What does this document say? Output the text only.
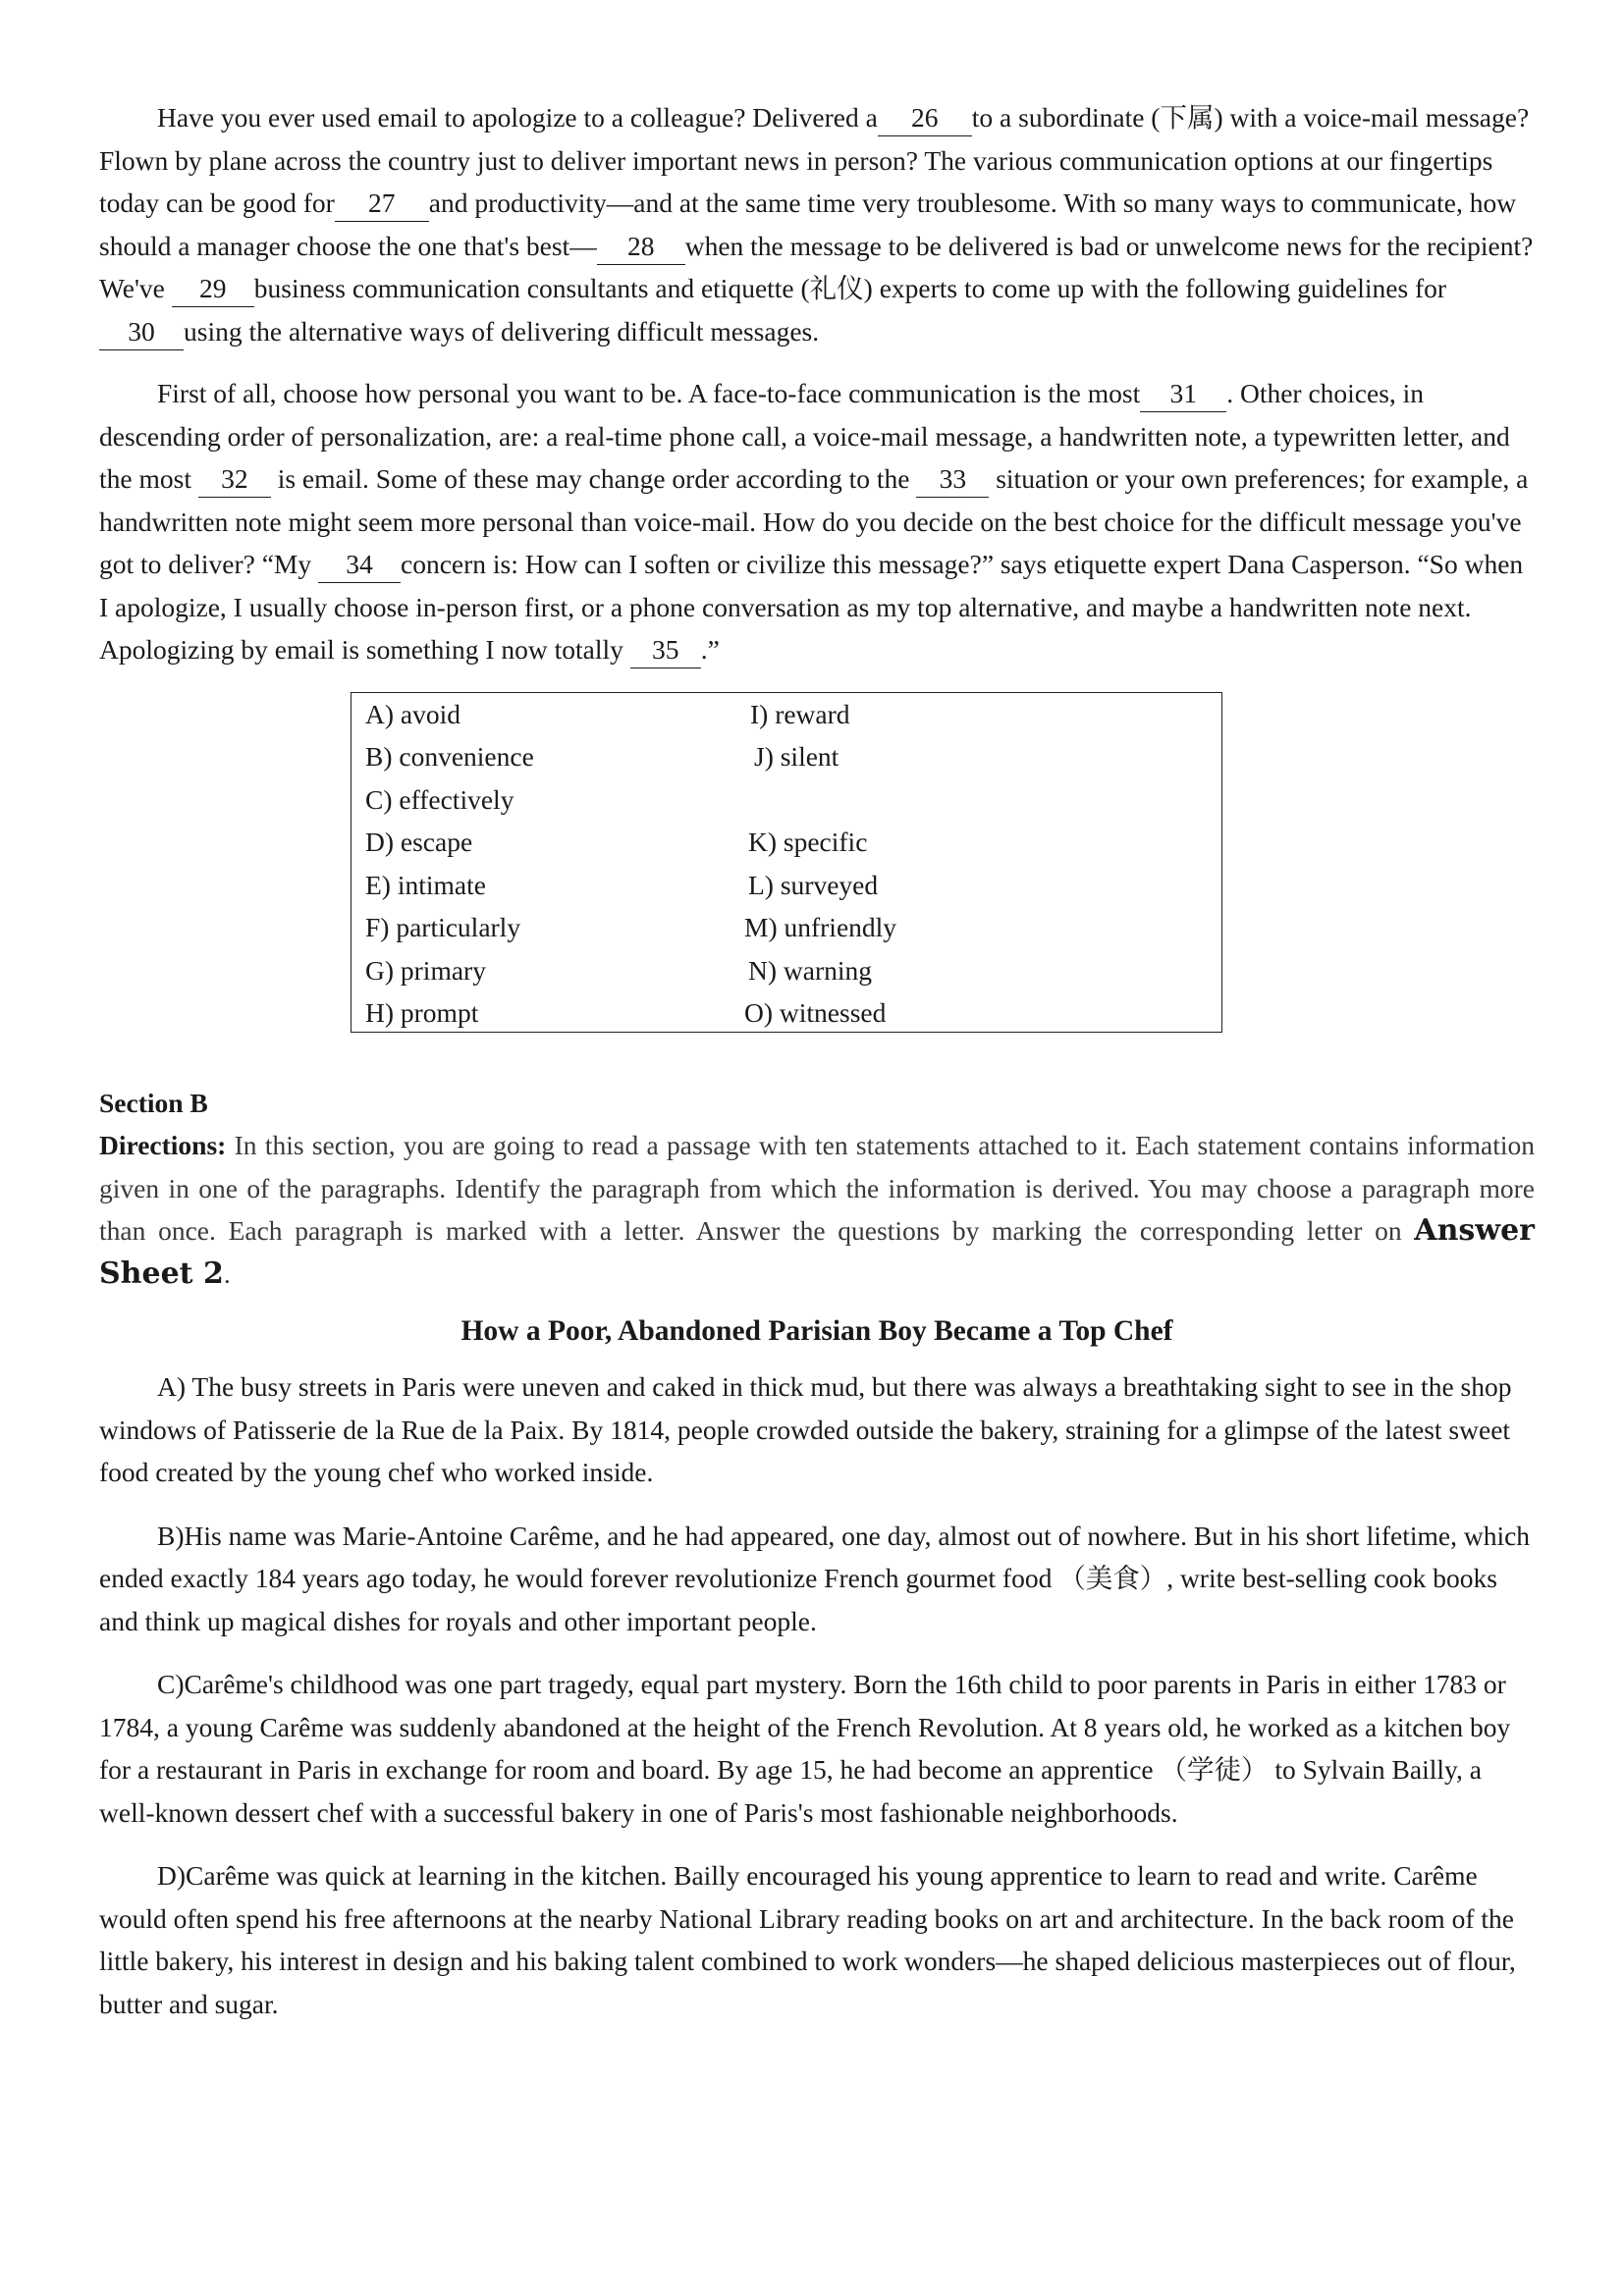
Have you ever used email to apologize to a colleague? Delivered a 26 to a subordinate (下属) with a voice-mail message? Flown by plane across the country just to deliver important news in person? The various communication options at our fingertips today can be good for 27 and productivity—and at the same time very troublesome. With so many ways to communicate, how should a manager choose the one that's best— 28 when the message to be delivered is bad or unwelcome news for the recipient? We've 29 business communication consultants and etiquette (礼仪) experts to come up with the following guidelines for 30 using the alternative ways of delivering difficult messages.

First of all, choose how personal you want to be. A face-to-face communication is the most 31 . Other choices, in descending order of personalization, are: a real-time phone call, a voice-mail message, a handwritten note, a typewritten letter, and the most 32 is email. Some of these may change order according to the 33 situation or your own preferences; for example, a handwritten note might seem more personal than voice-mail. How do you decide on the best choice for the difficult message you've got to deliver? “My 34 concern is: How can I soften or civilize this message?” says etiquette expert Dana Casperson. “So when I apologize, I usually choose in-person first, or a phone conversation as my top alternative, and maybe a handwritten note next. Apologizing by email is something I now totally 35 .”

A) avoid
B) convenience
C) effectively
D) escape
E) intimate
F) particularly
G) primary
H) prompt
I) reward
J) silent
K) specific
L) surveyed
M) unfriendly
N) warning
O) witnessed

Section B

Directions: In this section, you are going to read a passage with ten statements attached to it. Each statement contains information given in one of the paragraphs. Identify the paragraph from which the information is derived. You may choose a paragraph more than once. Each paragraph is marked with a letter. Answer the questions by marking the corresponding letter on Answer Sheet 2.

How a Poor, Abandoned Parisian Boy Became a Top Chef

A) The busy streets in Paris were uneven and caked in thick mud, but there was always a breathtaking sight to see in the shop windows of Patisserie de la Rue de la Paix. By 1814, people crowded outside the bakery, straining for a glimpse of the latest sweet food created by the young chef who worked inside.

B)His name was Marie-Antoine Carême, and he had appeared, one day, almost out of nowhere. But in his short lifetime, which ended exactly 184 years ago today, he would forever revolutionize French gourmet food （美食）, write best-selling cook books and think up magical dishes for royals and other important people.

C)Carême's childhood was one part tragedy, equal part mystery. Born the 16th child to poor parents in Paris in either 1783 or 1784, a young Carême was suddenly abandoned at the height of the French Revolution. At 8 years old, he worked as a kitchen boy for a restaurant in Paris in exchange for room and board. By age 15, he had become an apprentice （学徒） to Sylvain Bailly, a well-known dessert chef with a successful bakery in one of Paris's most fashionable neighborhoods.

D)Carême was quick at learning in the kitchen. Bailly encouraged his young apprentice to learn to read and write. Carême would often spend his free afternoons at the nearby National Library reading books on art and architecture. In the back room of the little bakery, his interest in design and his baking talent combined to work wonders—he shaped delicious masterpieces out of flour, butter and sugar.
